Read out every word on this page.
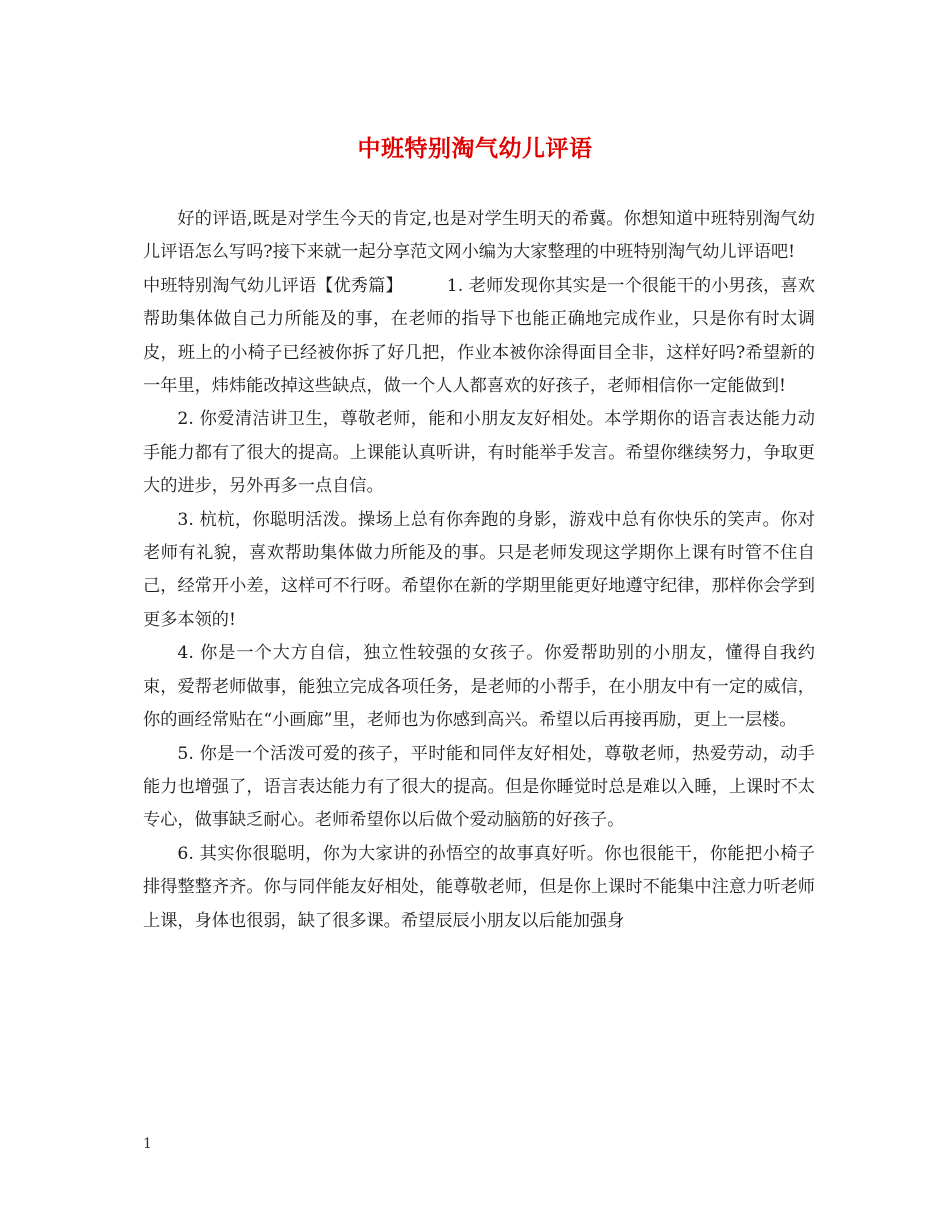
中班特别淘气幼儿评语

好的评语,既是对学生今天的肯定,也是对学生明天的希冀。你想知道中班特别淘气幼儿评语怎么写吗?接下来就一起分享范文网小编为大家整理的中班特别淘气幼儿评语吧!

中班特别淘气幼儿评语【优秀篇】	1. 老师发现你其实是一个很能干的小男孩，喜欢帮助集体做自己力所能及的事，在老师的指导下也能正确地完成作业，只是你有时太调皮，班上的小椅子已经被你拆了好几把，作业本被你涂得面目全非，这样好吗?希望新的一年里，炜炜能改掉这些缺点，做一个人人都喜欢的好孩子，老师相信你一定能做到!

2. 你爱清洁讲卫生，尊敬老师，能和小朋友友好相处。本学期你的语言表达能力动手能力都有了很大的提高。上课能认真听讲，有时能举手发言。希望你继续努力，争取更大的进步，另外再多一点自信。

3. 杭杭，你聪明活泼。操场上总有你奔跑的身影，游戏中总有你快乐的笑声。你对老师有礼貌，喜欢帮助集体做力所能及的事。只是老师发现这学期你上课有时管不住自己，经常开小差，这样可不行呀。希望你在新的学期里能更好地遵守纪律，那样你会学到更多本领的!

4. 你是一个大方自信，独立性较强的女孩子。你爱帮助别的小朋友，懂得自我约束，爱帮老师做事，能独立完成各项任务，是老师的小帮手，在小朋友中有一定的威信，你的画经常贴在“小画廊”里，老师也为你感到高兴。希望以后再接再励，更上一层楼。

5. 你是一个活泼可爱的孩子，平时能和同伴友好相处，尊敬老师，热爱劳动，动手能力也增强了，语言表达能力有了很大的提高。但是你睡觉时总是难以入睡，上课时不太专心，做事缺乏耐心。老师希望你以后做个爱动脑筋的好孩子。

6. 其实你很聪明，你为大家讲的孙悟空的故事真好听。你也很能干，你能把小椅子排得整整齐齐。你与同伴能友好相处，能尊敬老师，但是你上课时不能集中注意力听老师上课，身体也很弱，缺了很多课。希望辰辰小朋友以后能加强身

1
